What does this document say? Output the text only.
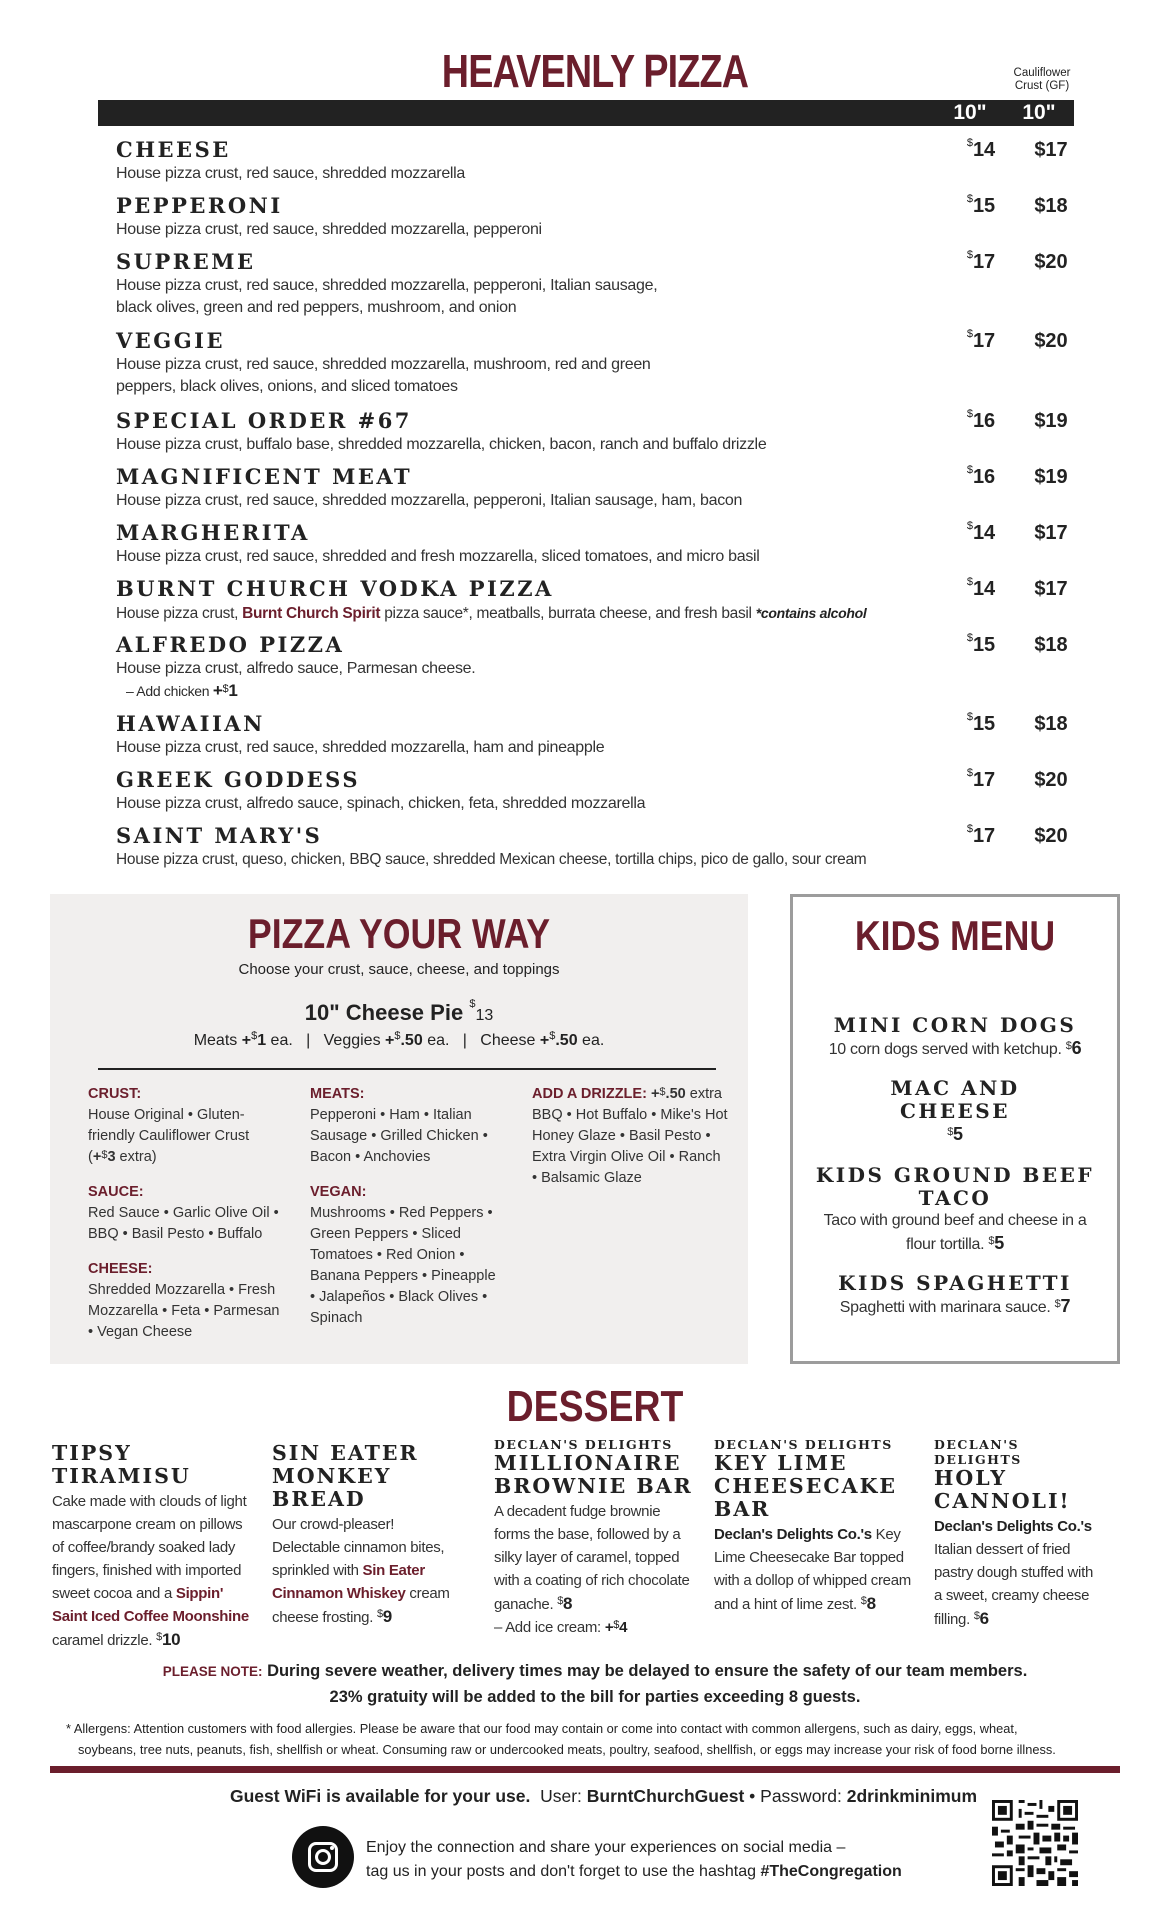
HEAVENLY PIZZA	Cauliflower Crust (GF)
10"	10"
CHEESE
House pizza crust, red sauce, shredded mozzarella
$14	$17
PEPPERONI
House pizza crust, red sauce, shredded mozzarella, pepperoni
$15	$18
SUPREME
House pizza crust, red sauce, shredded mozzarella, pepperoni, Italian sausage, black olives, green and red peppers, mushroom, and onion
$17	$20
VEGGIE
House pizza crust, red sauce, shredded mozzarella, mushroom, red and green peppers, black olives, onions, and sliced tomatoes
$17	$20
SPECIAL ORDER #67
House pizza crust, buffalo base, shredded mozzarella, chicken, bacon, ranch and buffalo drizzle
$16	$19
MAGNIFICENT MEAT
House pizza crust, red sauce, shredded mozzarella, pepperoni, Italian sausage, ham, bacon
$16	$19
MARGHERITA
House pizza crust, red sauce, shredded and fresh mozzarella, sliced tomatoes, and micro basil
$14	$17
BURNT CHURCH VODKA PIZZA
House pizza crust, Burnt Church Spirit pizza sauce*, meatballs, burrata cheese, and fresh basil *contains alcohol
$14	$17
ALFREDO PIZZA
House pizza crust, alfredo sauce, Parmesan cheese.
– Add chicken +$1
$15	$18
HAWAIIAN
House pizza crust, red sauce, shredded mozzarella, ham and pineapple
$15	$18
GREEK GODDESS
House pizza crust, alfredo sauce, spinach, chicken, feta, shredded mozzarella
$17	$20
SAINT MARY'S
House pizza crust, queso, chicken, BBQ sauce, shredded Mexican cheese, tortilla chips, pico de gallo, sour cream
$17	$20
PIZZA YOUR WAY
Choose your crust, sauce, cheese, and toppings
10" Cheese Pie $13
Meats +$1 ea.   |   Veggies +$.50 ea.   |   Cheese +$.50 ea.
CRUST:
House Original • Gluten-friendly Cauliflower Crust
(+$3 extra)
SAUCE:
Red Sauce • Garlic Olive Oil • BBQ • Basil Pesto • Buffalo
CHEESE:
Shredded Mozzarella • Fresh Mozzarella • Feta • Parmesan • Vegan Cheese
MEATS:
Pepperoni • Ham • Italian Sausage • Grilled Chicken • Bacon • Anchovies
VEGAN:
Mushrooms • Red Peppers • Green Peppers • Sliced Tomatoes • Red Onion • Banana Peppers • Pineapple • Jalapeños • Black Olives • Spinach
ADD A DRIZZLE: +$.50 extra
BBQ • Hot Buffalo • Mike's Hot Honey Glaze • Basil Pesto • Extra Virgin Olive Oil • Ranch • Balsamic Glaze
KIDS MENU
MINI CORN DOGS
10 corn dogs served with ketchup. $6
MAC AND CHEESE
$5
KIDS GROUND BEEF TACO
Taco with ground beef and cheese in a flour tortilla. $5
KIDS SPAGHETTI
Spaghetti with marinara sauce. $7
DESSERT
TIPSY TIRAMISU
Cake made with clouds of light mascarpone cream on pillows of coffee/brandy soaked lady fingers, finished with imported sweet cocoa and a Sippin' Saint Iced Coffee Moonshine caramel drizzle. $10
SIN EATER MONKEY BREAD
Our crowd-pleaser! Delectable cinnamon bites, sprinkled with Sin Eater Cinnamon Whiskey cream cheese frosting. $9
DECLAN'S DELIGHTS
MILLIONAIRE BROWNIE BAR
A decadent fudge brownie forms the base, followed by a silky layer of caramel, topped with a coating of rich chocolate ganache. $8
– Add ice cream: +$4
DECLAN'S DELIGHTS
KEY LIME CHEESECAKE BAR
Declan's Delights Co.'s Key Lime Cheesecake Bar topped with a dollop of whipped cream and a hint of lime zest. $8
DECLAN'S DELIGHTS
HOLY CANNOLI!
Declan's Delights Co.'s Italian dessert of fried pastry dough stuffed with a sweet, creamy cheese filling. $6
PLEASE NOTE: During severe weather, delivery times may be delayed to ensure the safety of our team members.
23% gratuity will be added to the bill for parties exceeding 8 guests.
* Allergens: Attention customers with food allergies. Please be aware that our food may contain or come into contact with common allergens, such as dairy, eggs, wheat,
soybeans, tree nuts, peanuts, fish, shellfish or wheat. Consuming raw or undercooked meats, poultry, seafood, shellfish, or eggs may increase your risk of food borne illness.
Guest WiFi is available for your use. User: BurntChurchGuest • Password: 2drinkminimum
Enjoy the connection and share your experiences on social media –
tag us in your posts and don't forget to use the hashtag #TheCongregation
